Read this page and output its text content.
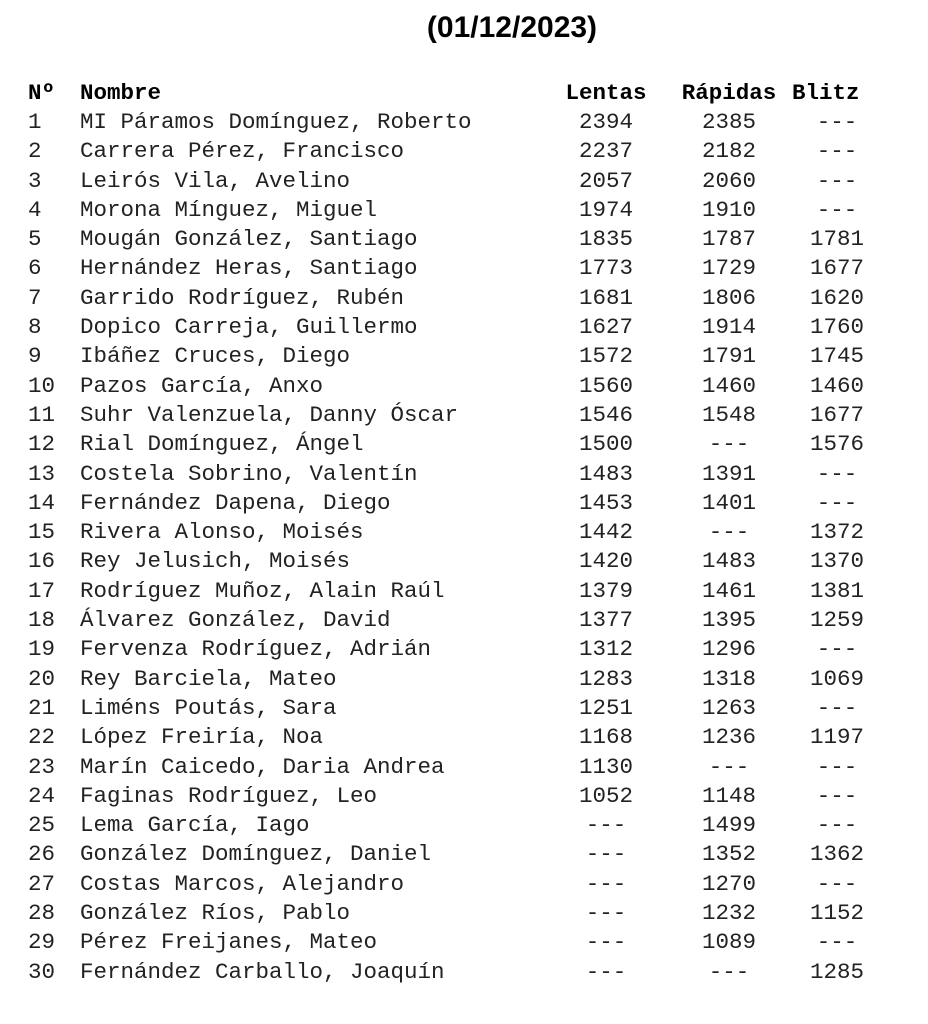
(01/12/2023)
Nº	Nombre	Lentas	Rápidas	Blitz
1	MI Páramos Domínguez, Roberto	2394	2385	---
2	Carrera Pérez, Francisco	2237	2182	---
3	Leirós Vila, Avelino	2057	2060	---
4	Morona Mínguez, Miguel	1974	1910	---
5	Mougán González, Santiago	1835	1787	1781
6	Hernández Heras, Santiago	1773	1729	1677
7	Garrido Rodríguez, Rubén	1681	1806	1620
8	Dopico Carreja, Guillermo	1627	1914	1760
9	Ibáñez Cruces, Diego	1572	1791	1745
10	Pazos García, Anxo	1560	1460	1460
11	Suhr Valenzuela, Danny Óscar	1546	1548	1677
12	Rial Domínguez, Ángel	1500	---	1576
13	Costela Sobrino, Valentín	1483	1391	---
14	Fernández Dapena, Diego	1453	1401	---
15	Rivera Alonso, Moisés	1442	---	1372
16	Rey Jelusich, Moisés	1420	1483	1370
17	Rodríguez Muñoz, Alain Raúl	1379	1461	1381
18	Álvarez González, David	1377	1395	1259
19	Fervenza Rodríguez, Adrián	1312	1296	---
20	Rey Barciela, Mateo	1283	1318	1069
21	Liméns Poutás, Sara	1251	1263	---
22	López Freiría, Noa	1168	1236	1197
23	Marín Caicedo, Daria Andrea	1130	---	---
24	Faginas Rodríguez, Leo	1052	1148	---
25	Lema García, Iago	---	1499	---
26	González Domínguez, Daniel	---	1352	1362
27	Costas Marcos, Alejandro	---	1270	---
28	González Ríos, Pablo	---	1232	1152
29	Pérez Freijanes, Mateo	---	1089	---
30	Fernández Carballo, Joaquín	---	---	1285
